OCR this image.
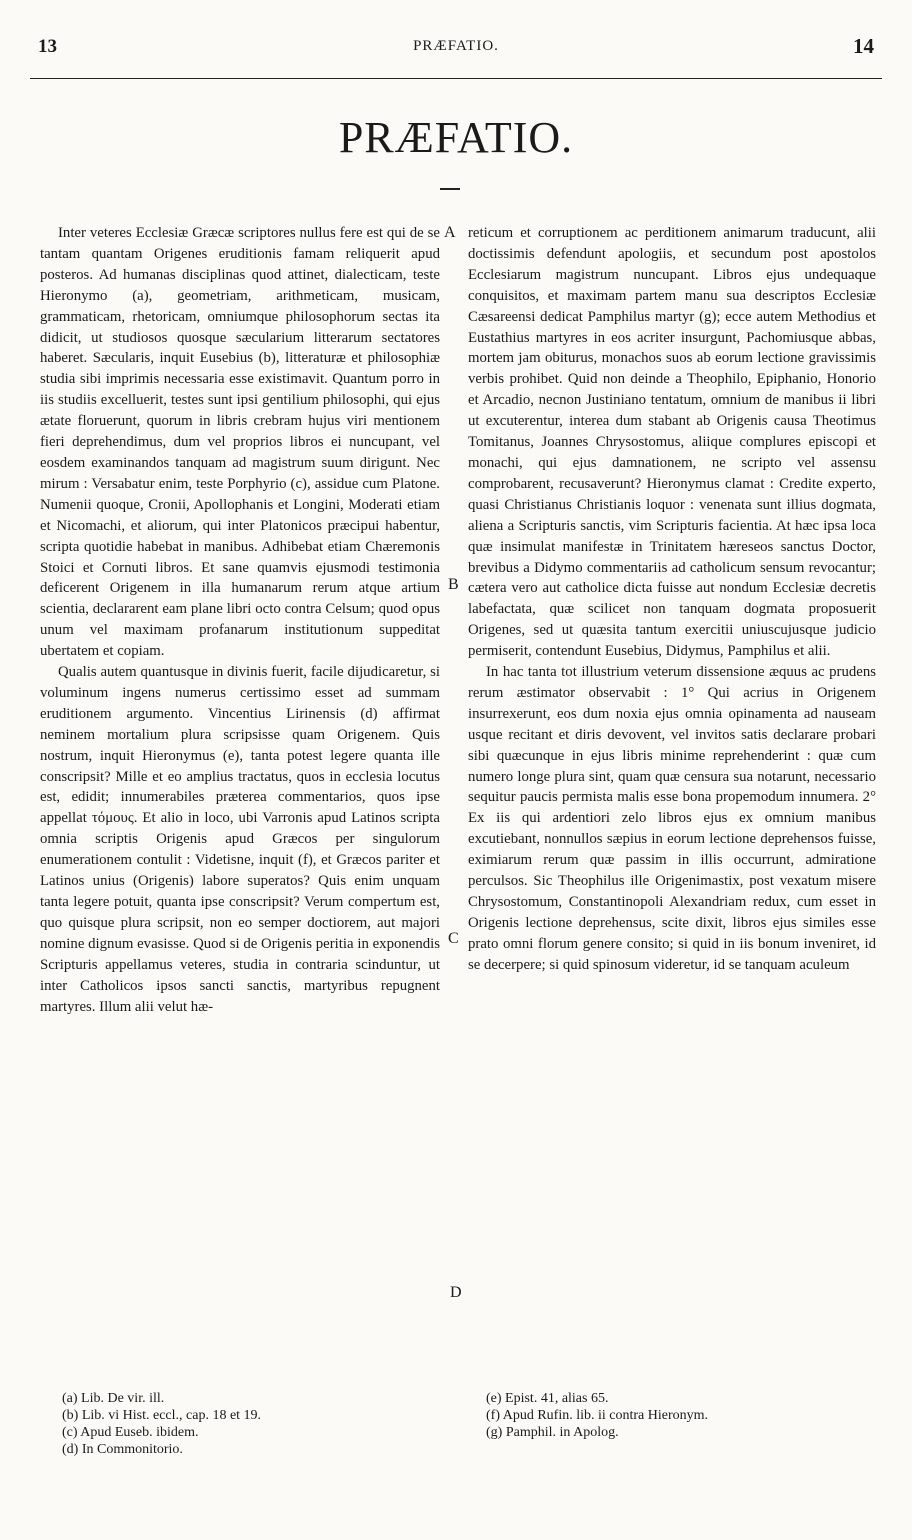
13	PRÆFATIO.	14
PRÆFATIO.

Inter veteres Ecclesiæ Græcæ scriptores nullus fere est qui de se tantam quantam Origenes eruditionis famam reliquerit apud posteros. Ad humanas disciplinas quod attinet, dialecticam, teste Hieronymo (a), geometriam, arithmeticam, musicam, grammaticam, rhetoricam, omniumque philosophorum sectas ita didicit, ut studiosos quosque sæcularium litterarum sectatores haberet. Sæcularis, inquit Eusebius (b), litteraturæ et philosophiæ studia sibi imprimis necessaria esse existimavit. Quantum porro in iis studiis excelluerit, testes sunt ipsi gentilium philosophi, qui ejus ætate floruerunt, quorum in libris crebram hujus viri mentionem fieri deprehendimus, dum vel proprios libros ei nuncupant, vel eosdem examinandos tanquam ad magistrum suum dirigunt. Nec mirum : Versabatur enim, teste Porphyrio (c), assidue cum Platone. Numenii quoque, Cronii, Apollophanis et Longini, Moderati etiam et Nicomachi, et aliorum, qui inter Platonicos præcipui habentur, scripta quotidie habebat in manibus. Adhibebat etiam Chæremonis Stoici et Cornuti libros. Et sane quamvis ejusmodi testimonia deficerent Origenem in illa humanarum rerum atque artium scientia, declararent eam plane libri octo contra Celsum; quod opus unum vel maximam profanarum institutionum suppeditat ubertatem et copiam.

Qualis autem quantusque in divinis fuerit, facile dijudicaretur, si voluminum ingens numerus certissimo esset ad summam eruditionem argumento. Vincentius Lirinensis (d) affirmat neminem mortalium plura scripsisse quam Origenem. Quis nostrum, inquit Hieronymus (e), tanta potest legere quanta ille conscripsit? Mille et eo amplius tractatus, quos in ecclesia locutus est, edidit; innumerabiles præterea commentarios, quos ipse appellat τόμους. Et alio in loco, ubi Varronis apud Latinos scripta omnia scriptis Origenis apud Græcos per singulorum enumerationem contulit : Videtisne, inquit (f), et Græcos pariter et Latinos unius (Origenis) labore superatos? Quis enim unquam tanta legere potuit, quanta ipse conscripsit? Verum compertum est, quo quisque plura scripsit, non eo semper doctiorem, aut majori nomine dignum evasisse. Quod si de Origenis peritia in exponendis Scripturis appellamus veteres, studia in contraria scinduntur, ut inter Catholicos ipsos sancti sanctis, martyribus repugnent martyres. Illum alii velut hæ-

A
B
C
D

reticum et corruptionem ac perditionem animarum traducunt, alii doctissimis defendunt apologiis, et secundum post apostolos Ecclesiarum magistrum nuncupant. Libros ejus undequaque conquisitos, et maximam partem manu sua descriptos Ecclesiæ Cæsareensi dedicat Pamphilus martyr (g); ecce autem Methodius et Eustathius martyres in eos acriter insurgunt, Pachomiusque abbas, mortem jam obiturus, monachos suos ab eorum lectione gravissimis verbis prohibet. Quid non deinde a Theophilo, Epiphanio, Honorio et Arcadio, necnon Justiniano tentatum, omnium de manibus ii libri ut excuterentur, interea dum stabant ab Origenis causa Theotimus Tomitanus, Joannes Chrysostomus, aliique complures episcopi et monachi, qui ejus damnationem, ne scripto vel assensu comprobarent, recusaverunt? Hieronymus clamat : Credite experto, quasi Christianus Christianis loquor : venenata sunt illius dogmata, aliena a Scripturis sanctis, vim Scripturis facientia. At hæc ipsa loca quæ insimulat manifestæ in Trinitatem hæreseos sanctus Doctor, brevibus a Didymo commentariis ad catholicum sensum revocantur; cætera vero aut catholice dicta fuisse aut nondum Ecclesiæ decretis labefactata, quæ scilicet non tanquam dogmata proposuerit Origenes, sed ut quæsita tantum exercitii uniuscujusque judicio permiserit, contendunt Eusebius, Didymus, Pamphilus et alii.

In hac tanta tot illustrium veterum dissensione æquus ac prudens rerum æstimator observabit : 1° Qui acrius in Origenem insurrexerunt, eos dum noxia ejus omnia opinamenta ad nauseam usque recitant et diris devovent, vel invitos satis declarare probari sibi quæcunque in ejus libris minime reprehenderint : quæ cum numero longe plura sint, quam quæ censura sua notarunt, necessario sequitur paucis permista malis esse bona propemodum innumera. 2° Ex iis qui ardentiori zelo libros ejus ex omnium manibus excutiebant, nonnullos sæpius in eorum lectione deprehensos fuisse, eximiarum rerum quæ passim in illis occurrunt, admiratione perculsos. Sic Theophilus ille Origenimastix, post vexatum misere Chrysostomum, Constantinopoli Alexandriam redux, cum esset in Origenis lectione deprehensus, scite dixit, libros ejus similes esse prato omni florum genere consito; si quid in iis bonum inveniret, id se decerpere; si quid spinosum videretur, id se tanquam aculeum

(a) Lib. De vir. ill.
(b) Lib. vi Hist. eccl., cap. 18 et 19.
(c) Apud Euseb. ibidem.
(d) In Commonitorio.
(e) Epist. 41, alias 65.
(f) Apud Rufin. lib. ii contra Hieronym.
(g) Pamphil. in Apolog.
